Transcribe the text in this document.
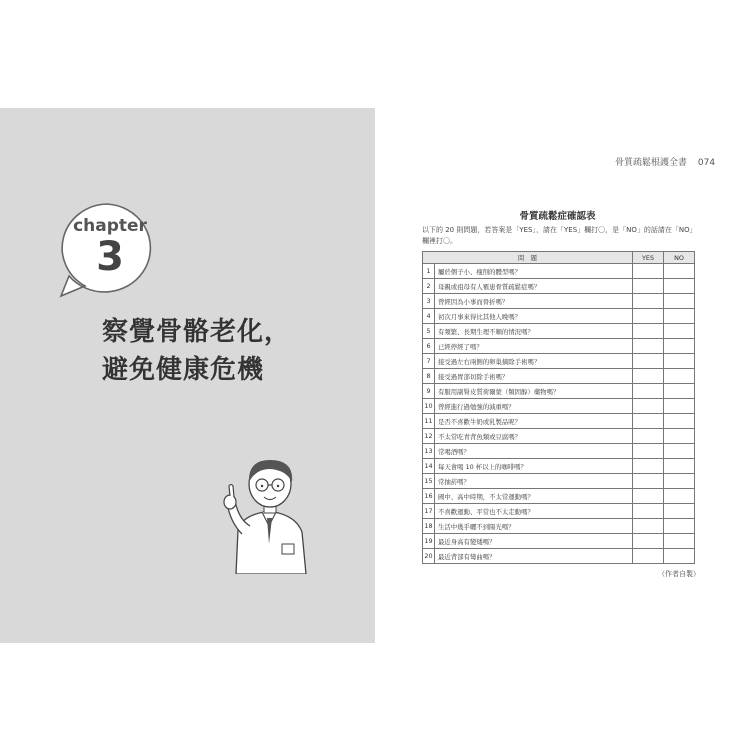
chapter
3
察覺骨骼老化，
避免健康危機
骨質疏鬆根護全書 074
骨質疏鬆症確認表
以下的 20 則問題，若答案是「YES」，請在「YES」欄打〇，是「NO」的話請在「NO」欄裡打〇。
問　題		YES	NO
1	屬於個子小、瘦削的體型嗎？		
2	母親或祖母有人罹患骨質疏鬆症嗎？		
3	曾經因為小事而骨折嗎？		
4	初次月事來得比其他人晚嗎？		
5	有頻繁、長期生理不順的情況嗎？		
6	已經停經了嗎？		
7	接受過左右兩側的卵巢摘除手術嗎？		
8	接受過胃部切除手術嗎？		
9	有服用副腎皮質荷爾蒙（類固醇）藥物嗎？		
10	曾經進行過勉強的減重嗎？		
11	是否不喜歡牛奶或乳製品呢？		
12	不太常吃青背魚類或豆腐嗎？		
13	常喝酒嗎？		
14	每天會喝 10 杯以上的咖啡嗎？		
15	常抽菸嗎？		
16	國中、高中時期，不太常運動嗎？		
17	不喜歡運動、平常也不太走動嗎？		
18	生活中幾乎曬不到陽光嗎？		
19	最近身高有變矮嗎？		
20	最近背部有彎曲嗎？		
（作者自製）
